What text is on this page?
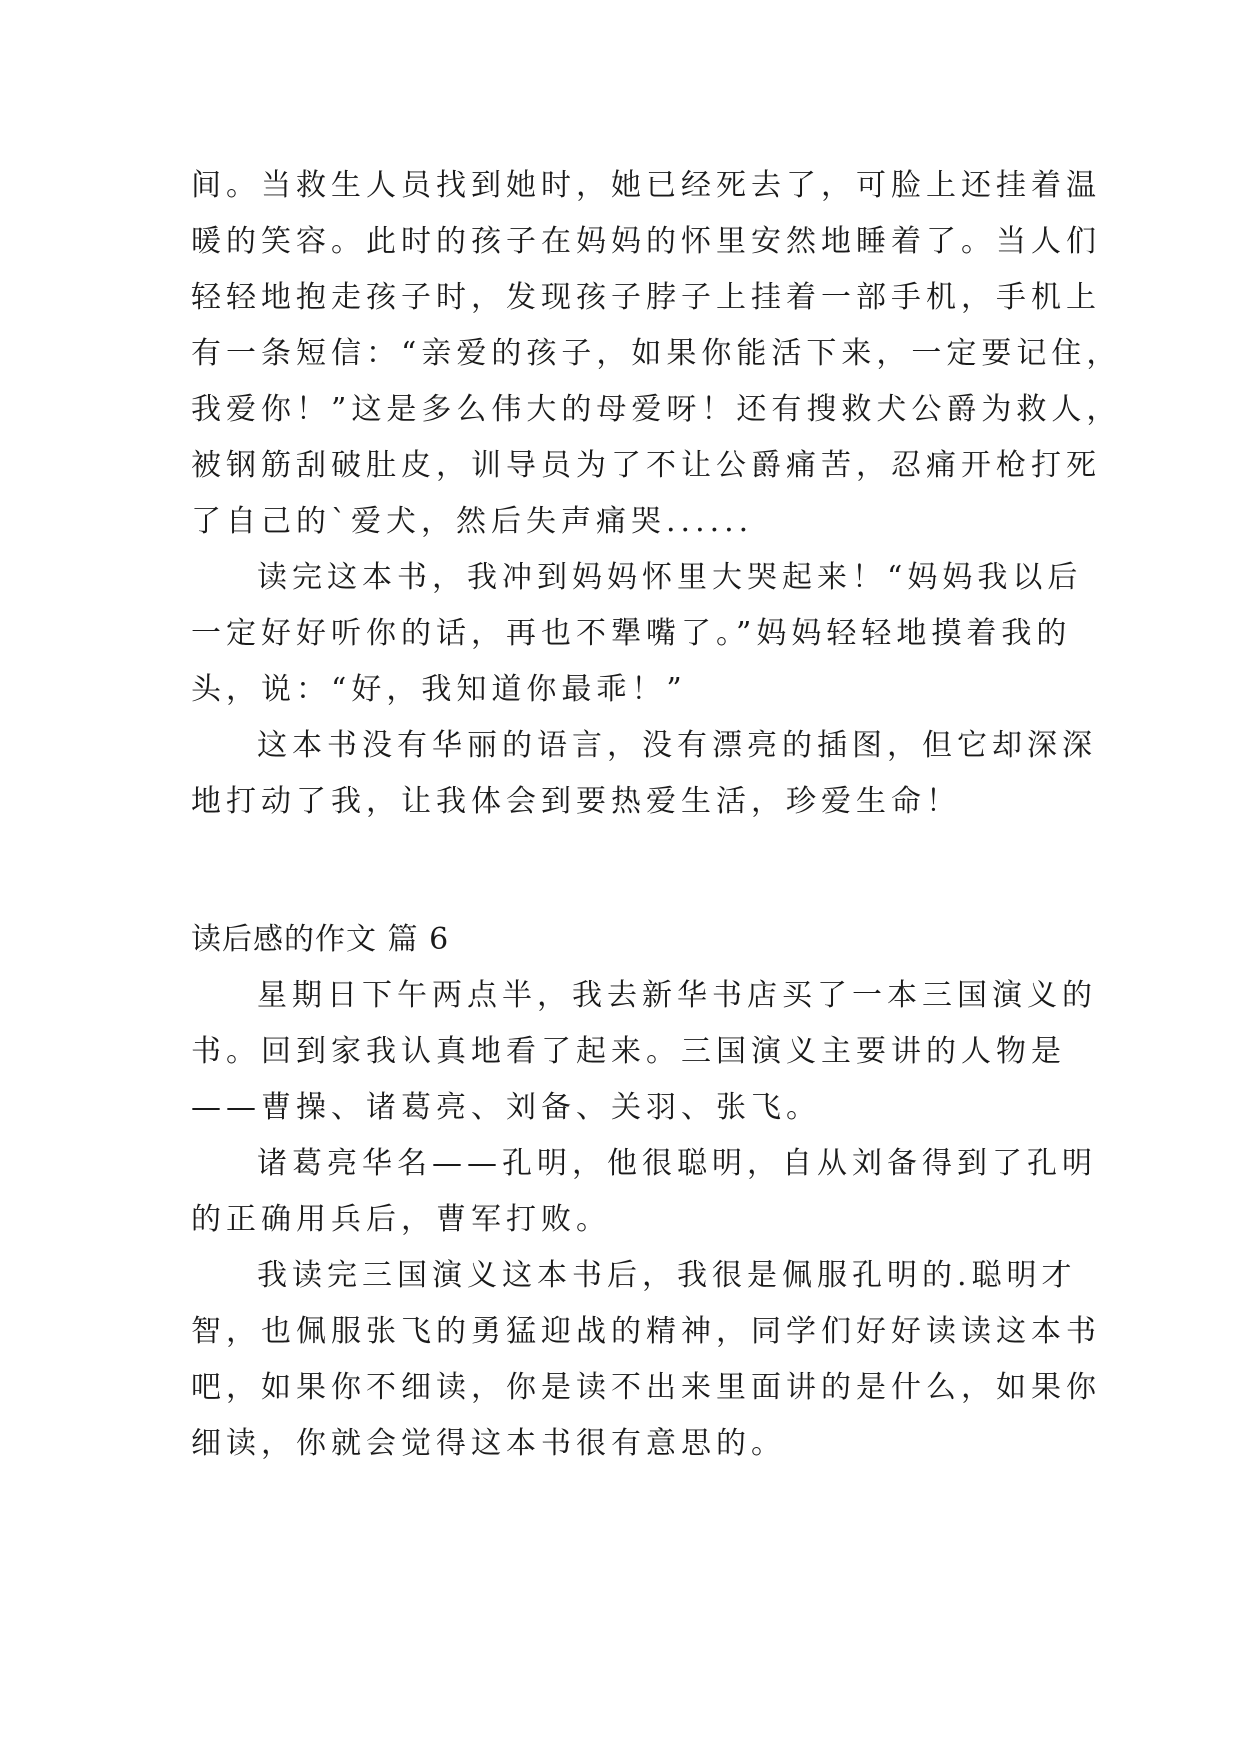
间。当救生人员找到她时，她已经死去了，可脸上还挂着温
暖的笑容。此时的孩子在妈妈的怀里安然地睡着了。当人们
轻轻地抱走孩子时，发现孩子脖子上挂着一部手机，手机上
有一条短信：“亲爱的孩子，如果你能活下来，一定要记住，
我爱你！”这是多么伟大的母爱呀！还有搜救犬公爵为救人，
被钢筋刮破肚皮，训导员为了不让公爵痛苦，忍痛开枪打死
了自己的`爱犬，然后失声痛哭......
读完这本书，我冲到妈妈怀里大哭起来！“妈妈我以后
一定好好听你的话，再也不犟嘴了。”妈妈轻轻地摸着我的
头，说：“好，我知道你最乖！”
这本书没有华丽的语言，没有漂亮的插图，但它却深深
地打动了我，让我体会到要热爱生活，珍爱生命！
读后感的作文 篇 6
星期日下午两点半，我去新华书店买了一本三国演义的
书。回到家我认真地看了起来。三国演义主要讲的人物是
——曹操、诸葛亮、刘备、关羽、张飞。
诸葛亮华名——孔明，他很聪明，自从刘备得到了孔明
的正确用兵后，曹军打败。
我读完三国演义这本书后，我很是佩服孔明的.聪明才
智，也佩服张飞的勇猛迎战的精神，同学们好好读读这本书
吧，如果你不细读，你是读不出来里面讲的是什么，如果你
细读，你就会觉得这本书很有意思的。
